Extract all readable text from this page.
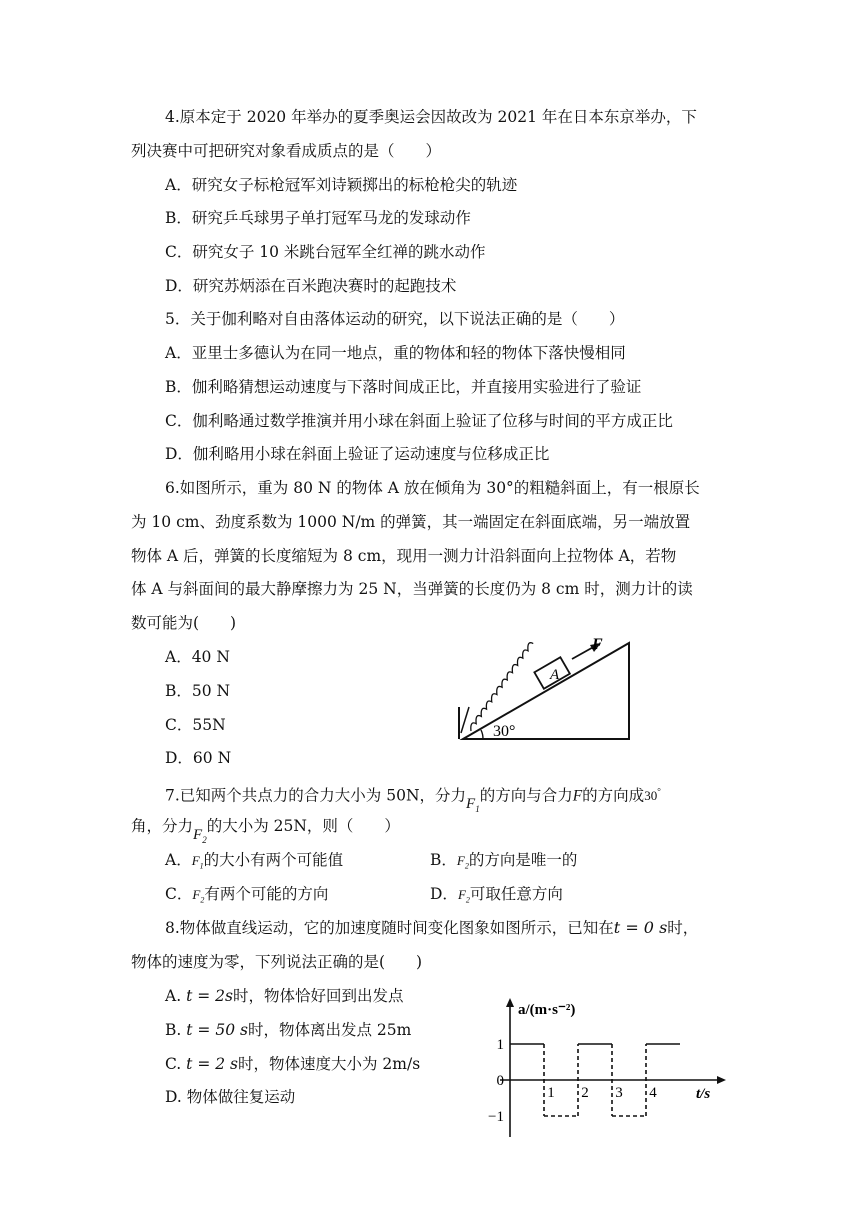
4.原本定于 2020 年举办的夏季奥运会因故改为 2021 年在日本东京举办，下
列决赛中可把研究对象看成质点的是（　　）
A．研究女子标枪冠军刘诗颖掷出的标枪枪尖的轨迹
B．研究乒乓球男子单打冠军马龙的发球动作
C．研究女子 10 米跳台冠军全红禅的跳水动作
D．研究苏炳添在百米跑决赛时的起跑技术
5．关于伽利略对自由落体运动的研究，以下说法正确的是（　　）
A．亚里士多德认为在同一地点，重的物体和轻的物体下落快慢相同
B．伽利略猜想运动速度与下落时间成正比，并直接用实验进行了验证
C．伽利略通过数学推演并用小球在斜面上验证了位移与时间的平方成正比
D．伽利略用小球在斜面上验证了运动速度与位移成正比
6.如图所示，重为 80 N 的物体 A 放在倾角为 30°的粗糙斜面上，有一根原长
为 10 cm、劲度系数为 1000 N/m 的弹簧，其一端固定在斜面底端，另一端放置
物体 A 后，弹簧的长度缩短为 8 cm，现用一测力计沿斜面向上拉物体 A，若物
体 A 与斜面间的最大静摩擦力为 25 N，当弹簧的长度仍为 8 cm 时，测力计的读
数可能为(　　)
A．40 N
B．50 N
C．55N
D．60 N
A
F
30°
7.已知两个共点力的合力大小为 50N，分力$F_1$的方向与合力F的方向成30°
角，分力$F_2$的大小为 25N，则（　　）
A．$F_1$的大小有两个可能值	B．$F_2$的方向是唯一的
C．$F_2$有两个可能的方向	D．$F_2$可取任意方向
8.物体做直线运动，它的加速度随时间变化图象如图所示，已知在t = 0 s时，
物体的速度为零，下列说法正确的是(　　)
A. t = 2s时，物体恰好回到出发点
B. t = 50 s时，物体离出发点 25m
C. t = 2 s时，物体速度大小为 2m/s
D. 物体做往复运动
a/(m·s⁻²)
t/s
1
0
−1
1 2 3 4
